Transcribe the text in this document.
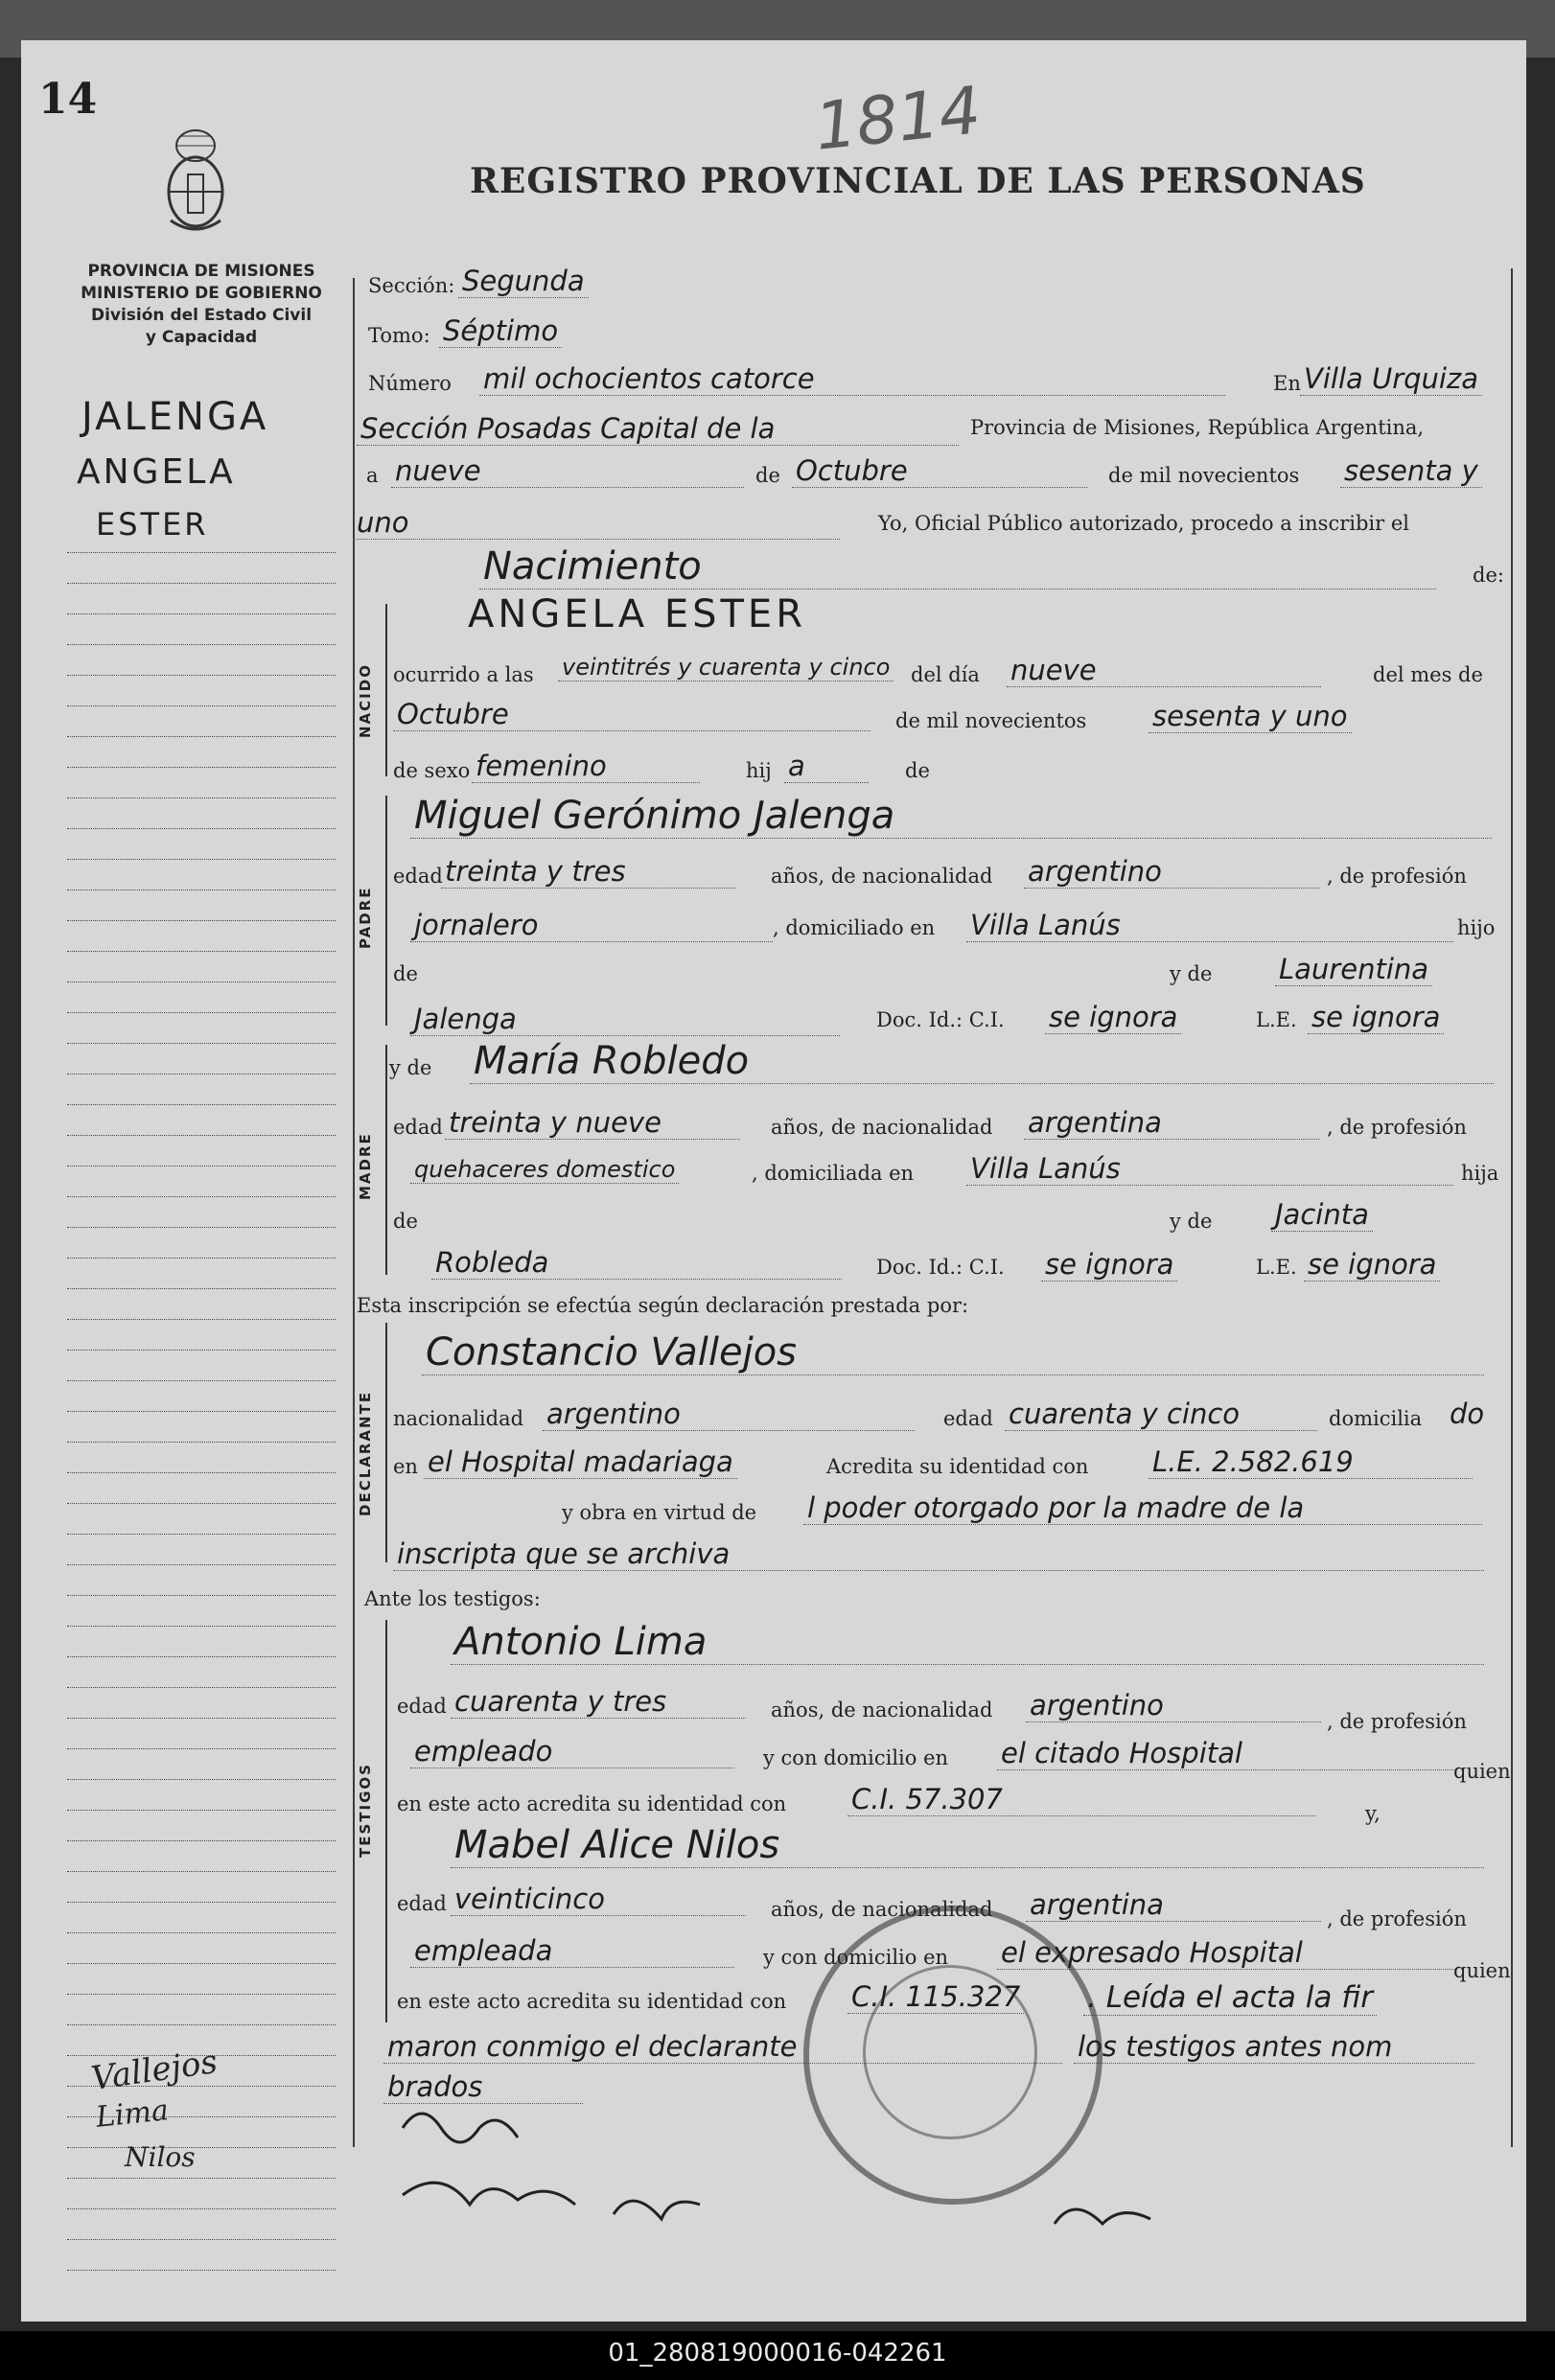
14	1814
PROVINCIA DE MISIONES
MINISTERIO DE GOBIERNO
División del Estado Civil
y Capacidad
REGISTRO PROVINCIAL DE LAS PERSONAS
JALENGA
ANGELA
ESTER
Vallejos
Lima
Nilos
Sección: Segunda
Tomo: Séptimo
Número mil ochocientos catorce	En Villa Urquiza
Sección Posadas Capital de la	Provincia de Misiones, República Argentina,
a nueve	de Octubre	de mil novecientos sesenta y
uno	Yo, Oficial Público autorizado, procedo a inscribir el
Nacimiento	de:
ANGELA ESTER
NACIDO ocurrido a las veintitrés y cuarenta y cinco del día nueve	del mes de
Octubre	de mil novecientos sesenta y uno
de sexo femenino	hij a	de
PADRE
Miguel Gerónimo Jalenga
edad treinta y tres	años, de nacionalidad argentino	, de profesión
jornalero	, domiciliado en Villa Lanús	hijo
de	y de Laurentina
Jalenga	Doc. Id.: C.I. se ignora	L.E. se ignora
y de
MADRE
María Robledo
edad treinta y nueve	años, de nacionalidad argentina	, de profesión
quehaceres domestico	, domiciliada en Villa Lanús	hija
de	y de Jacinta
Robleda	Doc. Id.: C.I. se ignora	L.E. se ignora
Esta inscripción se efectúa según declaración prestada por:
DECLARANTE
Constancio Vallejos
nacionalidad argentino	edad cuarenta y cinco	domicilia do
en el Hospital madariaga	Acredita su identidad con L.E. 2.582.619
y obra en virtud de l poder otorgado por la madre de la
inscripta que se archiva
Ante los testigos:
TESTIGOS
Antonio Lima
edad cuarenta y tres	años, de nacionalidad argentino	, de profesión
empleado	y con domicilio en el citado Hospital
quien
en este acto acredita su identidad con C.I. 57.307	y,
Mabel Alice Nilos
edad veinticinco	años, de nacionalidad argentina	, de profesión
empleada	y con domicilio en el expresado Hospital
quien
en este acto acredita su identidad con C.I. 115.327 . Leída el acta la fir
maron conmigo el declarante	los testigos antes nom
brados
01_280819000016-042261
